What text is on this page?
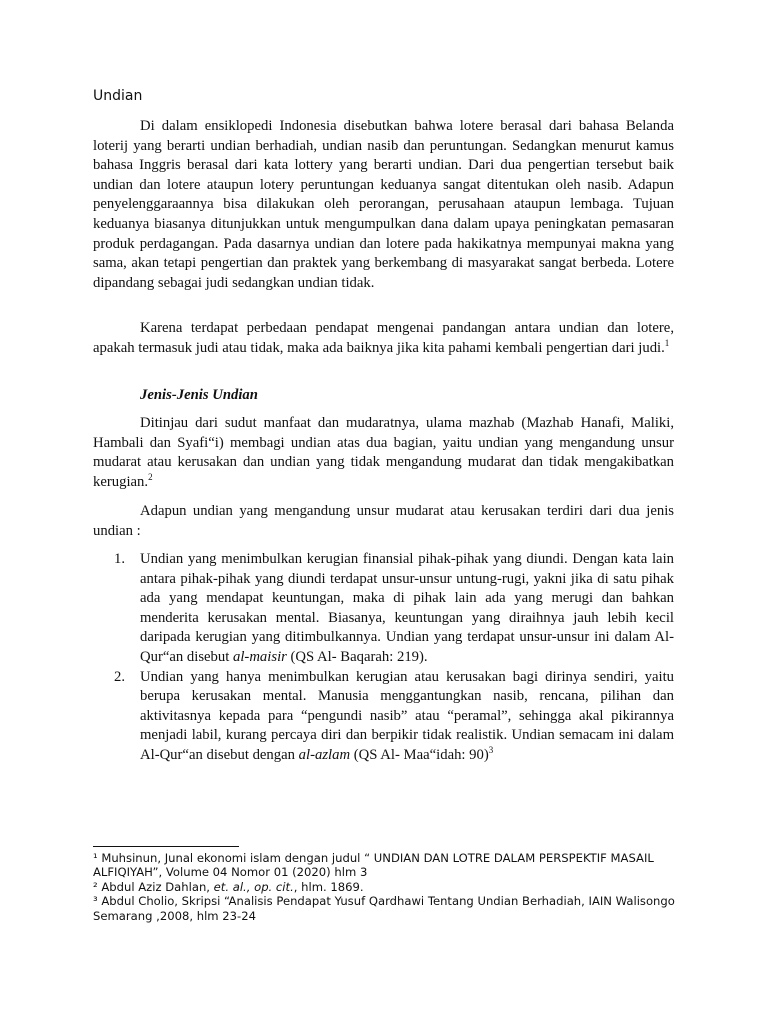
Undian

Di dalam ensiklopedi Indonesia disebutkan bahwa lotere berasal dari bahasa Belanda loterij yang berarti undian berhadiah, undian nasib dan peruntungan. Sedangkan menurut kamus bahasa Inggris berasal dari kata lottery yang berarti undian. Dari dua pengertian tersebut baik undian dan lotere ataupun lotery peruntungan keduanya sangat ditentukan oleh nasib. Adapun penyelenggaraannya bisa dilakukan oleh perorangan, perusahaan ataupun lembaga. Tujuan keduanya biasanya ditunjukkan untuk mengumpulkan dana dalam upaya peningkatan pemasaran produk perdagangan. Pada dasarnya undian dan lotere pada hakikatnya mempunyai makna yang sama, akan tetapi pengertian dan praktek yang berkembang di masyarakat sangat berbeda. Lotere dipandang sebagai judi sedangkan undian tidak.

Karena terdapat perbedaan pendapat mengenai pandangan antara undian dan lotere, apakah termasuk judi atau tidak, maka ada baiknya jika kita pahami kembali pengertian dari judi.$^1$

Jenis-Jenis Undian

Ditinjau dari sudut manfaat dan mudaratnya, ulama mazhab (Mazhab Hanafi, Maliki, Hambali dan Syafi“i) membagi undian atas dua bagian, yaitu undian yang mengandung unsur mudarat atau kerusakan dan undian yang tidak mengandung mudarat dan tidak mengakibatkan kerugian.$^2$

Adapun undian yang mengandung unsur mudarat atau kerusakan terdiri dari dua jenis undian :

1. Undian yang menimbulkan kerugian finansial pihak-pihak yang diundi. Dengan kata lain antara pihak-pihak yang diundi terdapat unsur-unsur untung-rugi, yakni jika di satu pihak ada yang mendapat keuntungan, maka di pihak lain ada yang merugi dan bahkan menderita kerusakan mental. Biasanya, keuntungan yang diraihnya jauh lebih kecil daripada kerugian yang ditimbulkannya. Undian yang terdapat unsur-unsur ini dalam Al-Qur“an disebut al-maisir (QS Al- Baqarah: 219).
2. Undian yang hanya menimbulkan kerugian atau kerusakan bagi dirinya sendiri, yaitu berupa kerusakan mental. Manusia menggantungkan nasib, rencana, pilihan dan aktivitasnya kepada para “pengundi nasib” atau “peramal”, sehingga akal pikirannya menjadi labil, kurang percaya diri dan berpikir tidak realistik. Undian semacam ini dalam Al-Qur“an disebut dengan al-azlam (QS Al- Maa“idah: 90)$^3$

¹ Muhsinun, Junal ekonomi islam dengan judul “ UNDIAN DAN LOTRE DALAM PERSPEKTIF MASAIL ALFIQIYAH”, Volume 04 Nomor 01 (2020) hlm 3

² Abdul Aziz Dahlan, et. al., op. cit., hlm. 1869.

³ Abdul Cholio, Skripsi “Analisis Pendapat Yusuf Qardhawi Tentang Undian Berhadiah, IAIN Walisongo

Semarang ,2008, hlm 23-24
